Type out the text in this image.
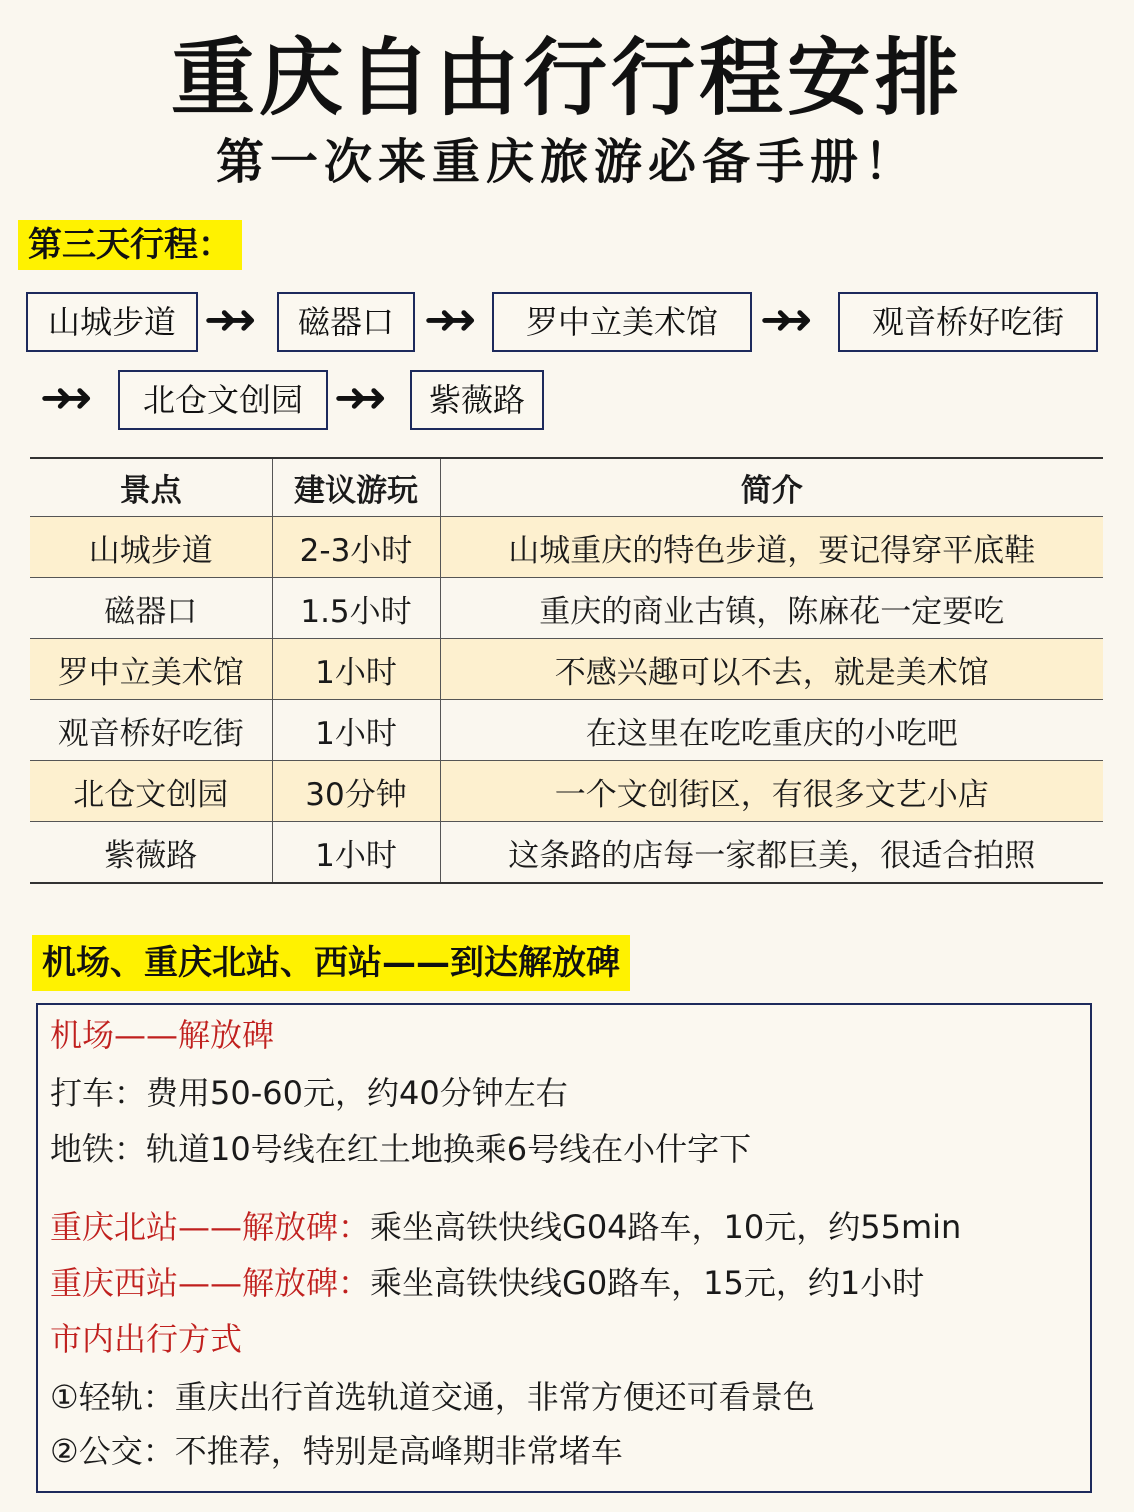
重庆自由行行程安排
第一次来重庆旅游必备手册！
第三天行程：
山城步道 ➜➜	磁器口 ➜➜	罗中立美术馆	➜➜	观音桥好吃街
➜➜	北仓文创园 ➜➜	紫薇路
景点	建议游玩	简介
山城步道	2-3小时	山城重庆的特色步道，要记得穿平底鞋
磁器口	1.5小时	重庆的商业古镇，陈麻花一定要吃
罗中立美术馆	1小时	不感兴趣可以不去，就是美术馆
观音桥好吃街	1小时	在这里在吃吃重庆的小吃吧
北仓文创园	30分钟	一个文创街区，有很多文艺小店
紫薇路	1小时	这条路的店每一家都巨美，很适合拍照
机场、重庆北站、西站——到达解放碑
机场——解放碑
打车：费用50-60元，约40分钟左右
地铁：轨道10号线在红土地换乘6号线在小什字下
重庆北站——解放碑：乘坐高铁快线G04路车，10元，约55min
重庆西站——解放碑：乘坐高铁快线G0路车，15元，约1小时
市内出行方式
①轻轨：重庆出行首选轨道交通，非常方便还可看景色
②公交：不推荐，特别是高峰期非常堵车
